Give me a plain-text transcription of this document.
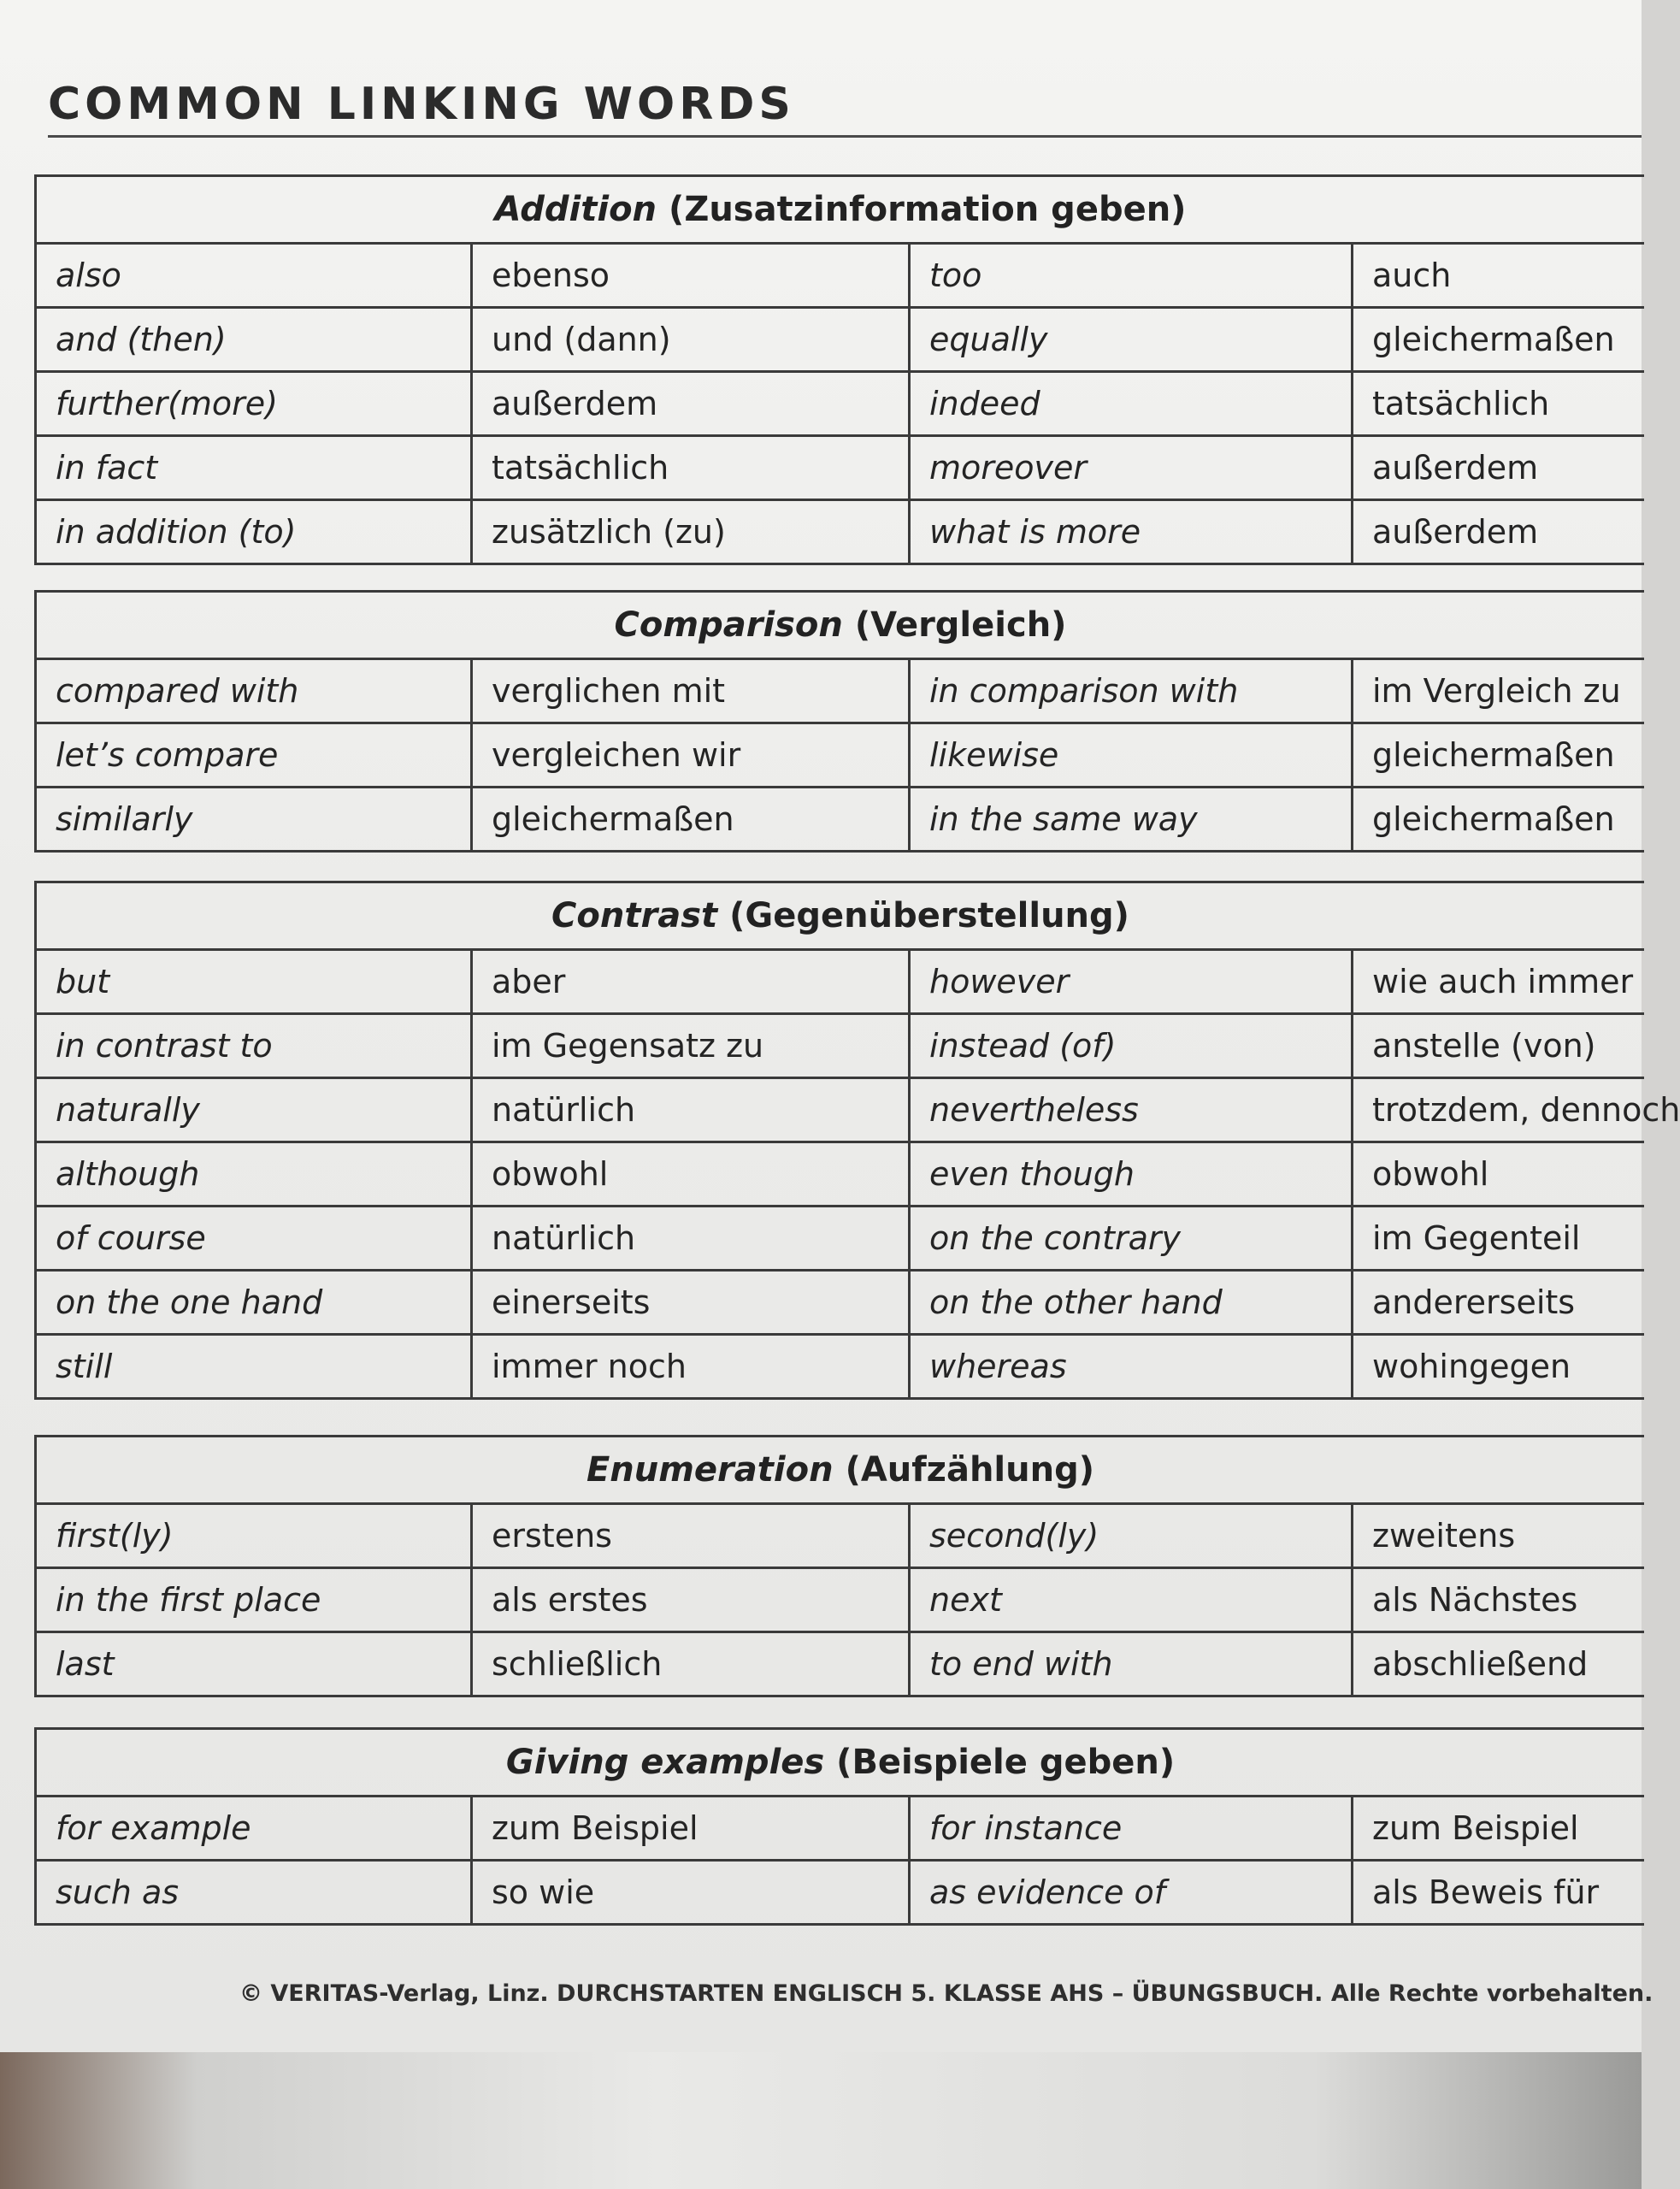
COMMON LINKING WORDS
Addition (Zusatzinformation geben)
also	ebenso	too	auch
and (then)	und (dann)	equally	gleichermaßen
further(more)	außerdem	indeed	tatsächlich
in fact	tatsächlich	moreover	außerdem
in addition (to)	zusätzlich (zu)	what is more	außerdem
Comparison (Vergleich)
compared with	verglichen mit	in comparison with	im Vergleich zu
let’s compare	vergleichen wir	likewise	gleichermaßen
similarly	gleichermaßen	in the same way	gleichermaßen
Contrast (Gegenüberstellung)
but	aber	however	wie auch immer
in contrast to	im Gegensatz zu	instead (of)	anstelle (von)
naturally	natürlich	nevertheless	trotzdem, dennoch
although	obwohl	even though	obwohl
of course	natürlich	on the contrary	im Gegenteil
on the one hand	einerseits	on the other hand	andererseits
still	immer noch	whereas	wohingegen
Enumeration (Aufzählung)
first(ly)	erstens	second(ly)	zweitens
in the first place	als erstes	next	als Nächstes
last	schließlich	to end with	abschließend
Giving examples (Beispiele geben)
for example	zum Beispiel	for instance	zum Beispiel
such as	so wie	as evidence of	als Beweis für
© VERITAS-Verlag, Linz. DURCHSTARTEN ENGLISCH 5. KLASSE AHS – ÜBUNGSBUCH. Alle Rechte vorbehalten.
